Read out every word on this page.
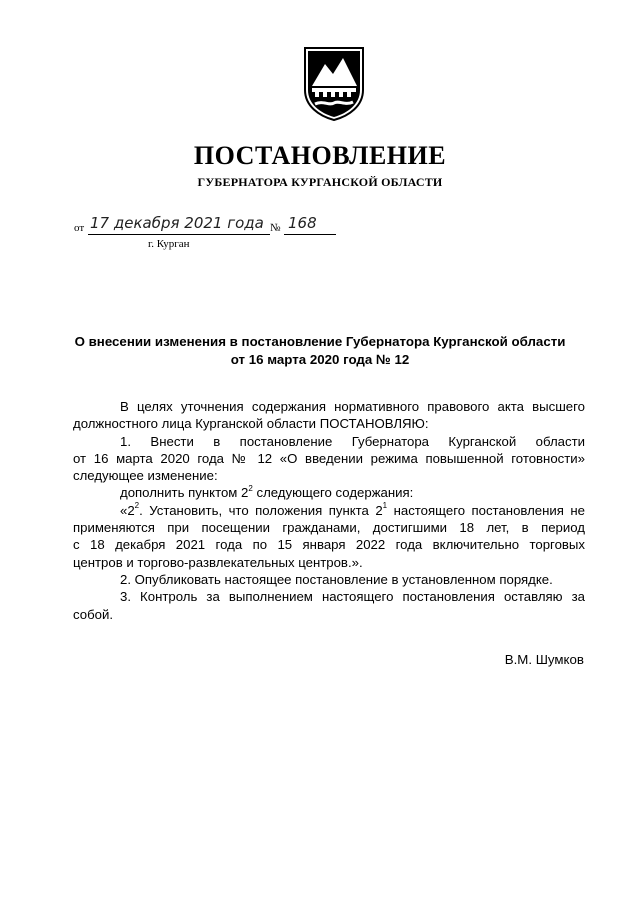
ПОСТАНОВЛЕНИЕ
ГУБЕРНАТОРА КУРГАНСКОЙ ОБЛАСТИ
от 17 декабря 2021 года № 168
г. Курган
О внесении изменения в постановление Губернатора Курганской области
от 16 марта 2020 года № 12

В целях уточнения содержания нормативного правового акта высшего

должностного лица Курганской области ПОСТАНОВЛЯЮ:

1. Внести в постановление Губернатора Курганской области

от 16 марта 2020 года № 12 «О введении режима повышенной готовности»

следующее изменение:

дополнить пунктом $2^2$ следующего содержания:

«$2^2$. Установить, что положения пункта $2^1$ настоящего постановления не

применяются при посещении гражданами, достигшими 18 лет, в период

с 18 декабря 2021 года по 15 января 2022 года включительно торговых

центров и торгово-развлекательных центров.».

2. Опубликовать настоящее постановление в установленном порядке.

3. Контроль за выполнением настоящего постановления оставляю за

собой.

В.М. Шумков
